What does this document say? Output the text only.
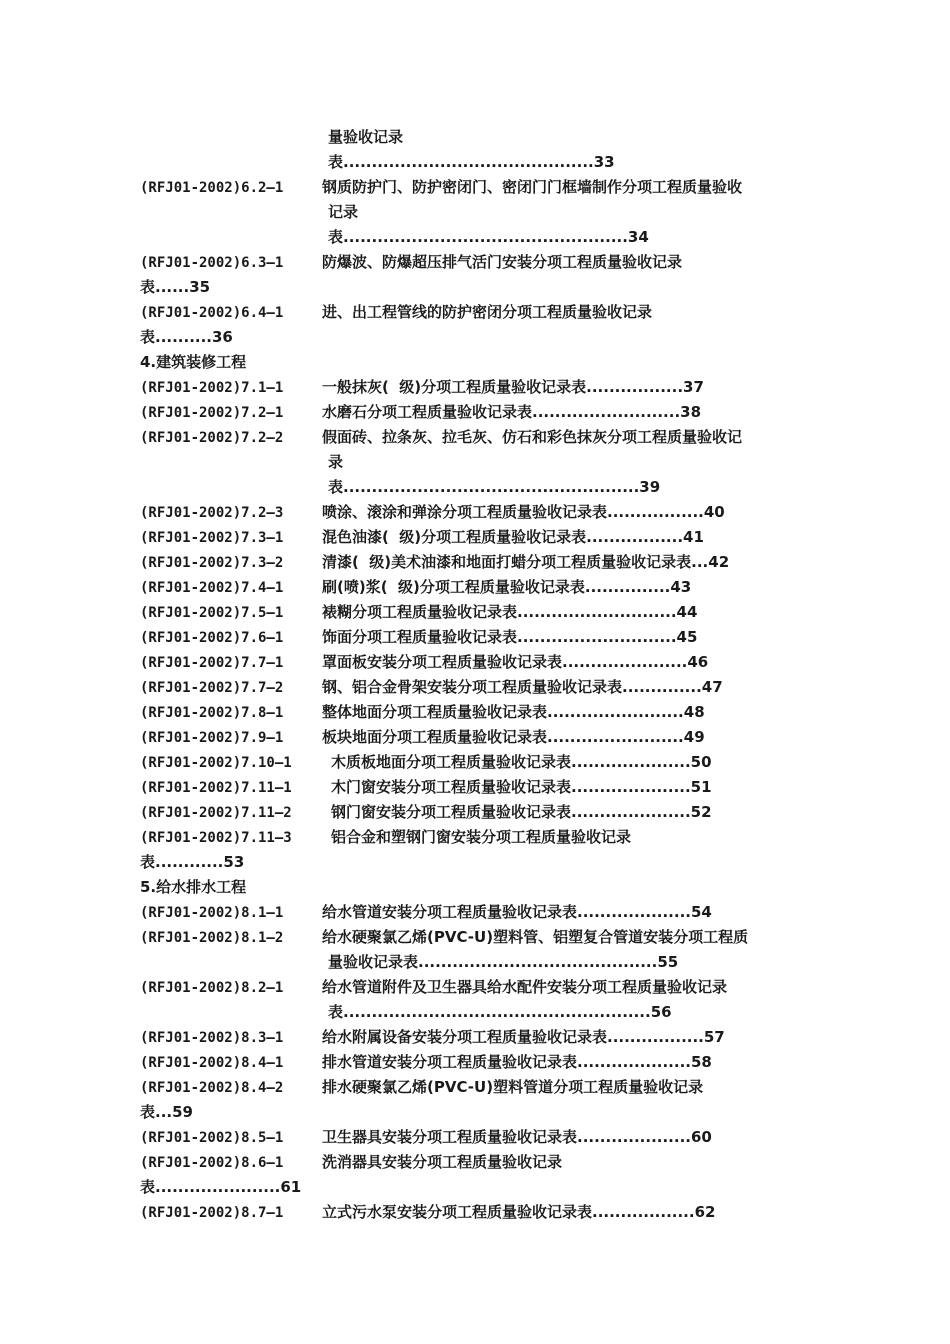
量验收记录
表............................................33
(RFJ01-2002)6.2—1	钢质防护门、防护密闭门、密闭门门框墙制作分项工程质量验收
记录
表..................................................34
(RFJ01-2002)6.3—1	防爆波、防爆超压排气活门安装分项工程质量验收记录
表......35
(RFJ01-2002)6.4—1	进、出工程管线的防护密闭分项工程质量验收记录
表..........36
4.建筑装修工程
(RFJ01-2002)7.1—1	一般抹灰(  级)分项工程质量验收记录表.................37
(RFJ01-2002)7.2—1	水磨石分项工程质量验收记录表..........................38
(RFJ01-2002)7.2—2	假面砖、拉条灰、拉毛灰、仿石和彩色抹灰分项工程质量验收记
录
表....................................................39
(RFJ01-2002)7.2—3	喷涂、滚涂和弹涂分项工程质量验收记录表.................40
(RFJ01-2002)7.3—1	混色油漆(  级)分项工程质量验收记录表.................41
(RFJ01-2002)7.3—2	清漆(  级)美术油漆和地面打蜡分项工程质量验收记录表...42
(RFJ01-2002)7.4—1	刷(喷)浆(  级)分项工程质量验收记录表...............43
(RFJ01-2002)7.5—1	裱糊分项工程质量验收记录表............................44
(RFJ01-2002)7.6—1	饰面分项工程质量验收记录表............................45
(RFJ01-2002)7.7—1	罩面板安装分项工程质量验收记录表......................46
(RFJ01-2002)7.7—2	钢、铝合金骨架安装分项工程质量验收记录表..............47
(RFJ01-2002)7.8—1	整体地面分项工程质量验收记录表........................48
(RFJ01-2002)7.9—1	板块地面分项工程质量验收记录表........................49
(RFJ01-2002)7.10—1	木质板地面分项工程质量验收记录表.....................50
(RFJ01-2002)7.11—1	木门窗安装分项工程质量验收记录表.....................51
(RFJ01-2002)7.11—2	钢门窗安装分项工程质量验收记录表.....................52
(RFJ01-2002)7.11—3	铝合金和塑钢门窗安装分项工程质量验收记录
表............53
5.给水排水工程
(RFJ01-2002)8.1—1	给水管道安装分项工程质量验收记录表....................54
(RFJ01-2002)8.1—2	给水硬聚氯乙烯(PVC-U)塑料管、铝塑复合管道安装分项工程质
量验收记录表..........................................55
(RFJ01-2002)8.2—1	给水管道附件及卫生器具给水配件安装分项工程质量验收记录
表......................................................56
(RFJ01-2002)8.3—1	给水附属设备安装分项工程质量验收记录表.................57
(RFJ01-2002)8.4—1	排水管道安装分项工程质量验收记录表....................58
(RFJ01-2002)8.4—2	排水硬聚氯乙烯(PVC-U)塑料管道分项工程质量验收记录
表...59
(RFJ01-2002)8.5—1	卫生器具安装分项工程质量验收记录表....................60
(RFJ01-2002)8.6—1	洗消器具安装分项工程质量验收记录
表......................61
(RFJ01-2002)8.7—1	立式污水泵安装分项工程质量验收记录表..................62
